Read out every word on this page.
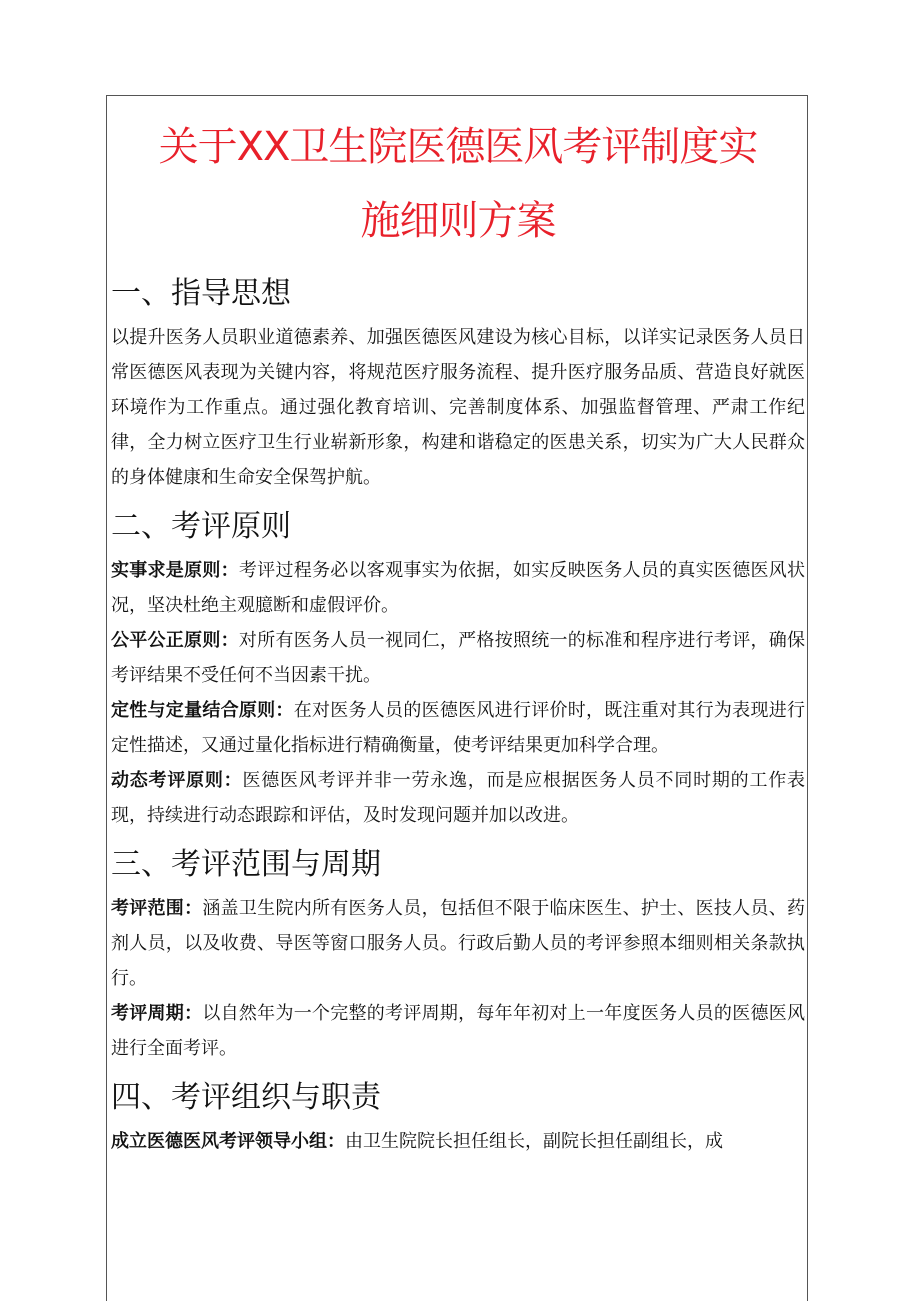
关于XX卫生院医德医风考评制度实
施细则方案
一、指导思想

以提升医务人员职业道德素养、加强医德医风建设为核心目标，以详实记录医务人员日常医德医风表现为关键内容，将规范医疗服务流程、提升医疗服务品质、营造良好就医环境作为工作重点。通过强化教育培训、完善制度体系、加强监督管理、严肃工作纪律，全力树立医疗卫生行业崭新形象，构建和谐稳定的医患关系，切实为广大人民群众的身体健康和生命安全保驾护航。

二、考评原则

实事求是原则：考评过程务必以客观事实为依据，如实反映医务人员的真实医德医风状况，坚决杜绝主观臆断和虚假评价。

公平公正原则：对所有医务人员一视同仁，严格按照统一的标准和程序进行考评，确保考评结果不受任何不当因素干扰。

定性与定量结合原则：在对医务人员的医德医风进行评价时，既注重对其行为表现进行定性描述，又通过量化指标进行精确衡量，使考评结果更加科学合理。

动态考评原则：医德医风考评并非一劳永逸，而是应根据医务人员不同时期的工作表现，持续进行动态跟踪和评估，及时发现问题并加以改进。

三、考评范围与周期

考评范围：涵盖卫生院内所有医务人员，包括但不限于临床医生、护士、医技人员、药剂人员，以及收费、导医等窗口服务人员。行政后勤人员的考评参照本细则相关条款执行。

考评周期：以自然年为一个完整的考评周期，每年年初对上一年度医务人员的医德医风进行全面考评。

四、考评组织与职责

成立医德医风考评领导小组：由卫生院院长担任组长，副院长担任副组长，成
